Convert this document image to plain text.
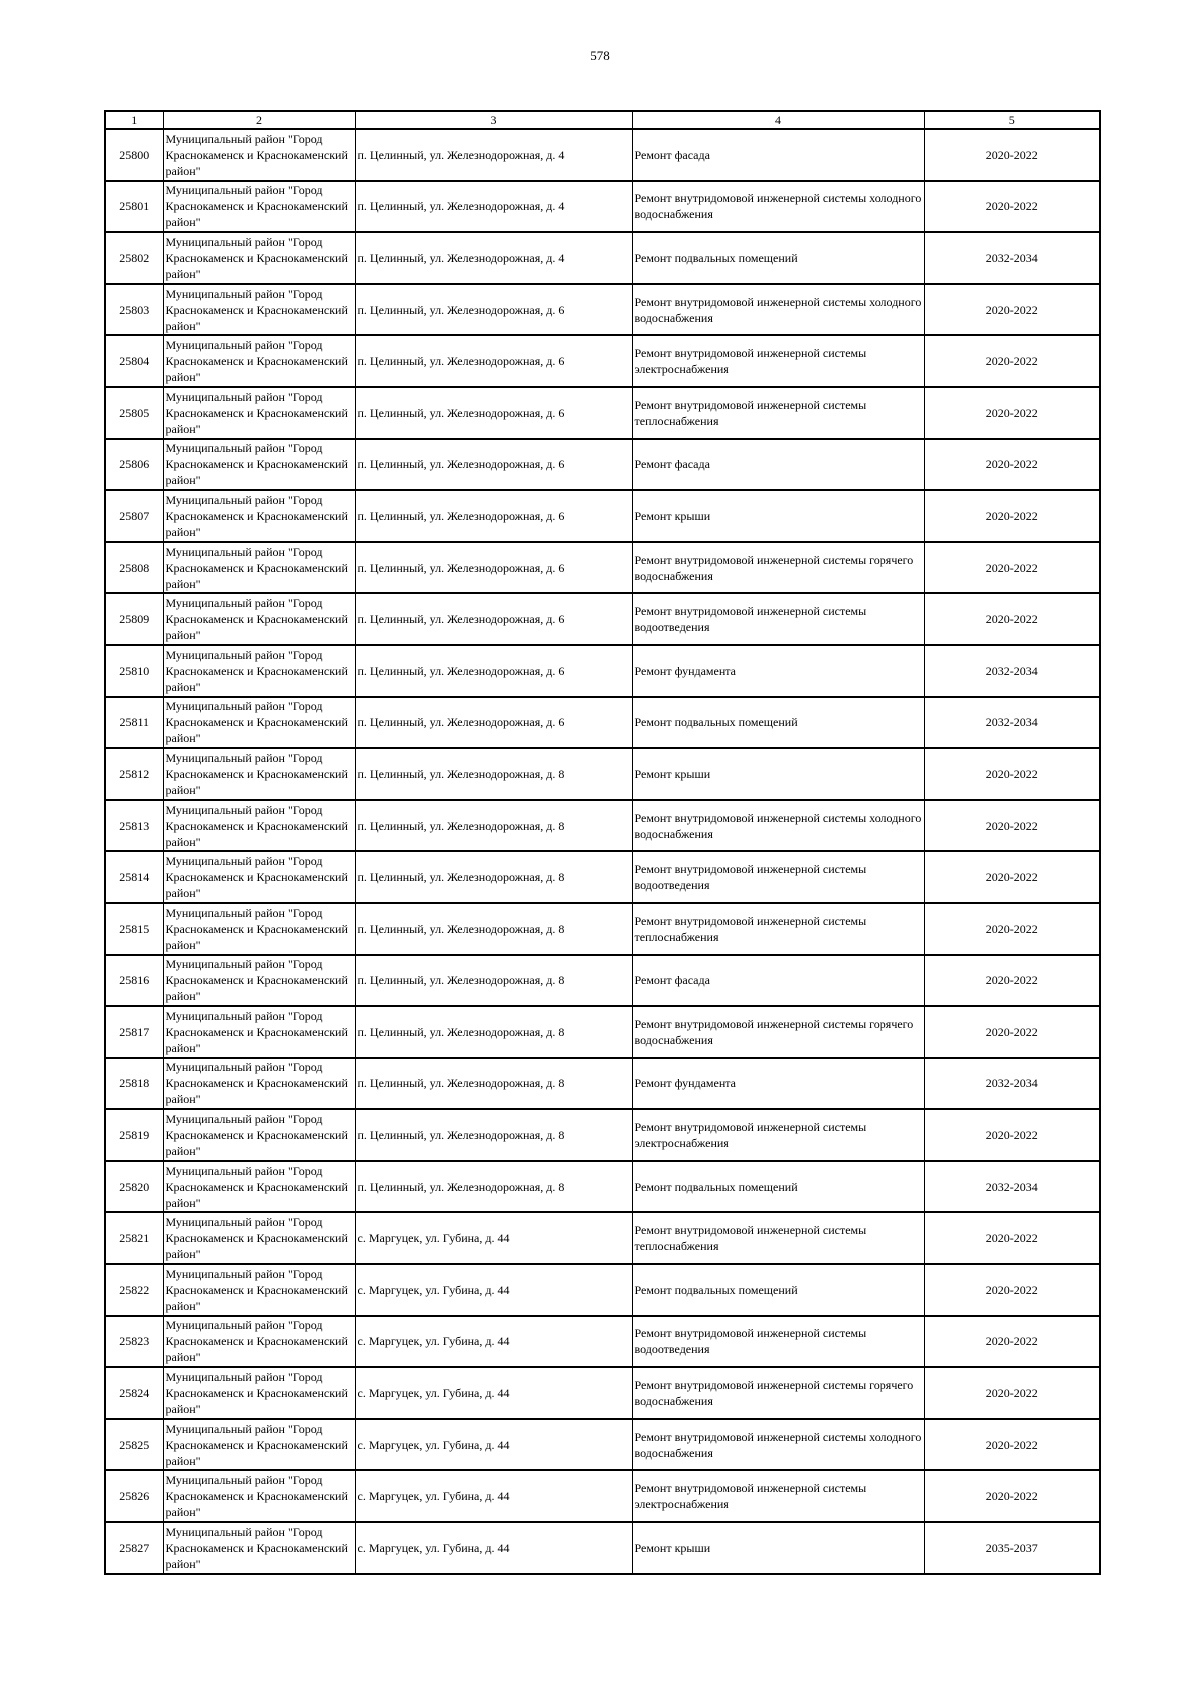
578
1	2	3	4	5
25800	Муниципальный район "Город Краснокаменск и Краснокаменский район"	п. Целинный, ул. Железнодорожная, д. 4	Ремонт фасада	2020-2022
25801	Муниципальный район "Город Краснокаменск и Краснокаменский район"	п. Целинный, ул. Железнодорожная, д. 4	Ремонт внутридомовой инженерной системы холодного водоснабжения	2020-2022
25802	Муниципальный район "Город Краснокаменск и Краснокаменский район"	п. Целинный, ул. Железнодорожная, д. 4	Ремонт подвальных помещений	2032-2034
25803	Муниципальный район "Город Краснокаменск и Краснокаменский район"	п. Целинный, ул. Железнодорожная, д. 6	Ремонт внутридомовой инженерной системы холодного водоснабжения	2020-2022
25804	Муниципальный район "Город Краснокаменск и Краснокаменский район"	п. Целинный, ул. Железнодорожная, д. 6	Ремонт внутридомовой инженерной системы электроснабжения	2020-2022
25805	Муниципальный район "Город Краснокаменск и Краснокаменский район"	п. Целинный, ул. Железнодорожная, д. 6	Ремонт внутридомовой инженерной системы теплоснабжения	2020-2022
25806	Муниципальный район "Город Краснокаменск и Краснокаменский район"	п. Целинный, ул. Железнодорожная, д. 6	Ремонт фасада	2020-2022
25807	Муниципальный район "Город Краснокаменск и Краснокаменский район"	п. Целинный, ул. Железнодорожная, д. 6	Ремонт крыши	2020-2022
25808	Муниципальный район "Город Краснокаменск и Краснокаменский район"	п. Целинный, ул. Железнодорожная, д. 6	Ремонт внутридомовой инженерной системы горячего водоснабжения	2020-2022
25809	Муниципальный район "Город Краснокаменск и Краснокаменский район"	п. Целинный, ул. Железнодорожная, д. 6	Ремонт внутридомовой инженерной системы водоотведения	2020-2022
25810	Муниципальный район "Город Краснокаменск и Краснокаменский район"	п. Целинный, ул. Железнодорожная, д. 6	Ремонт фундамента	2032-2034
25811	Муниципальный район "Город Краснокаменск и Краснокаменский район"	п. Целинный, ул. Железнодорожная, д. 6	Ремонт подвальных помещений	2032-2034
25812	Муниципальный район "Город Краснокаменск и Краснокаменский район"	п. Целинный, ул. Железнодорожная, д. 8	Ремонт крыши	2020-2022
25813	Муниципальный район "Город Краснокаменск и Краснокаменский район"	п. Целинный, ул. Железнодорожная, д. 8	Ремонт внутридомовой инженерной системы холодного водоснабжения	2020-2022
25814	Муниципальный район "Город Краснокаменск и Краснокаменский район"	п. Целинный, ул. Железнодорожная, д. 8	Ремонт внутридомовой инженерной системы водоотведения	2020-2022
25815	Муниципальный район "Город Краснокаменск и Краснокаменский район"	п. Целинный, ул. Железнодорожная, д. 8	Ремонт внутридомовой инженерной системы теплоснабжения	2020-2022
25816	Муниципальный район "Город Краснокаменск и Краснокаменский район"	п. Целинный, ул. Железнодорожная, д. 8	Ремонт фасада	2020-2022
25817	Муниципальный район "Город Краснокаменск и Краснокаменский район"	п. Целинный, ул. Железнодорожная, д. 8	Ремонт внутридомовой инженерной системы горячего водоснабжения	2020-2022
25818	Муниципальный район "Город Краснокаменск и Краснокаменский район"	п. Целинный, ул. Железнодорожная, д. 8	Ремонт фундамента	2032-2034
25819	Муниципальный район "Город Краснокаменск и Краснокаменский район"	п. Целинный, ул. Железнодорожная, д. 8	Ремонт внутридомовой инженерной системы электроснабжения	2020-2022
25820	Муниципальный район "Город Краснокаменск и Краснокаменский район"	п. Целинный, ул. Железнодорожная, д. 8	Ремонт подвальных помещений	2032-2034
25821	Муниципальный район "Город Краснокаменск и Краснокаменский район"	с. Маргуцек, ул. Губина, д. 44	Ремонт внутридомовой инженерной системы теплоснабжения	2020-2022
25822	Муниципальный район "Город Краснокаменск и Краснокаменский район"	с. Маргуцек, ул. Губина, д. 44	Ремонт подвальных помещений	2020-2022
25823	Муниципальный район "Город Краснокаменск и Краснокаменский район"	с. Маргуцек, ул. Губина, д. 44	Ремонт внутридомовой инженерной системы водоотведения	2020-2022
25824	Муниципальный район "Город Краснокаменск и Краснокаменский район"	с. Маргуцек, ул. Губина, д. 44	Ремонт внутридомовой инженерной системы горячего водоснабжения	2020-2022
25825	Муниципальный район "Город Краснокаменск и Краснокаменский район"	с. Маргуцек, ул. Губина, д. 44	Ремонт внутридомовой инженерной системы холодного водоснабжения	2020-2022
25826	Муниципальный район "Город Краснокаменск и Краснокаменский район"	с. Маргуцек, ул. Губина, д. 44	Ремонт внутридомовой инженерной системы электроснабжения	2020-2022
25827	Муниципальный район "Город Краснокаменск и Краснокаменский район"	с. Маргуцек, ул. Губина, д. 44	Ремонт крыши	2035-2037
